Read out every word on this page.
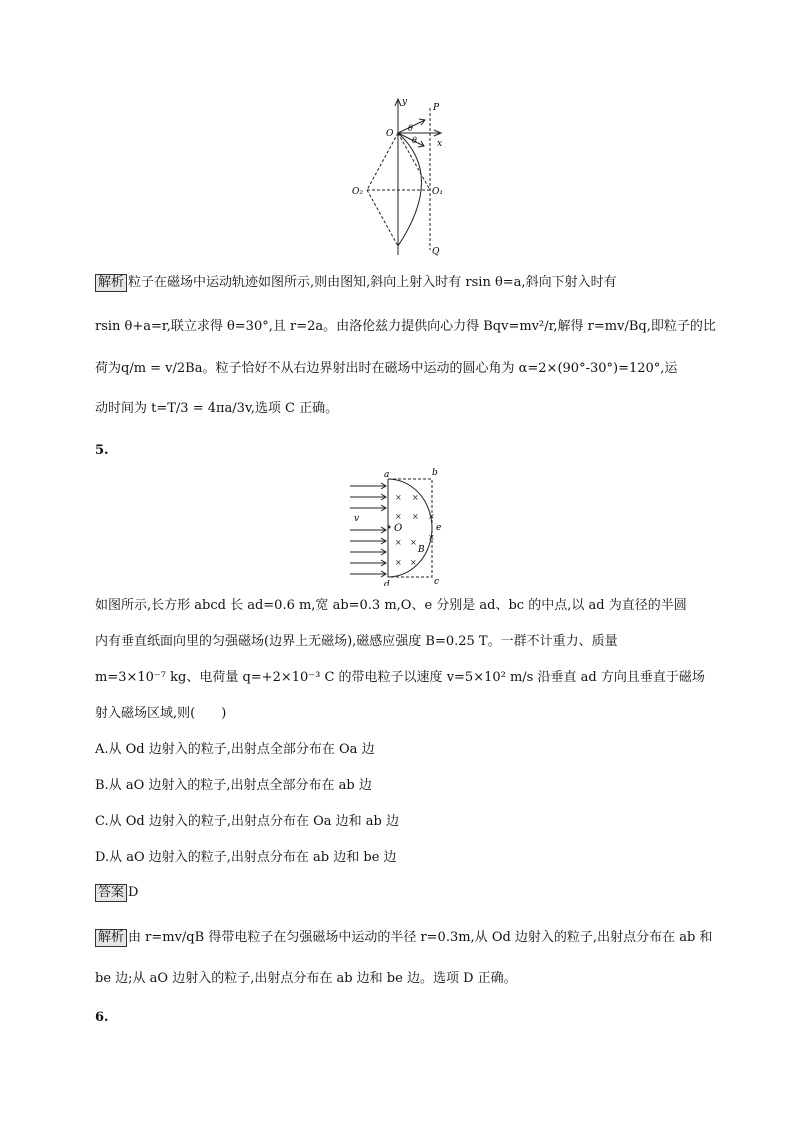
y
P
O
θ
θ x
O₂	O₁
Q
解析 粒子在磁场中运动轨迹如图所示,则由图知,斜向上射入时有 rsin θ=a,斜向下射入时有
rsin θ+a=r,联立求得 θ=30°,且 r=2a。由洛伦兹力提供向心力得 Bqv=mv²/r,解得 r=mv/Bq,即粒子的比
荷为q/m = v/2Ba。粒子恰好不从右边界射出时在磁场中运动的圆心角为 α=2×(90°-30°)=120°,运
动时间为 t=T/3 = 4πa/3v,选项 C 正确。
5.
a	b
v
O	e
B
c
d
× ×
× × ×
× ×
×
× ×
如图所示,长方形 abcd 长 ad=0.6 m,宽 ab=0.3 m,O、e 分别是 ad、bc 的中点,以 ad 为直径的半圆
内有垂直纸面向里的匀强磁场(边界上无磁场),磁感应强度 B=0.25 T。一群不计重力、质量
m=3×10⁻⁷ kg、电荷量 q=+2×10⁻³ C 的带电粒子以速度 v=5×10² m/s 沿垂直 ad 方向且垂直于磁场
射入磁场区域,则(　　)
A.从 Od 边射入的粒子,出射点全部分布在 Oa 边
B.从 aO 边射入的粒子,出射点全部分布在 ab 边
C.从 Od 边射入的粒子,出射点分布在 Oa 边和 ab 边
D.从 aO 边射入的粒子,出射点分布在 ab 边和 be 边
答案 D
解析 由 r=mv/qB 得带电粒子在匀强磁场中运动的半径 r=0.3m,从 Od 边射入的粒子,出射点分布在 ab 和
be 边;从 aO 边射入的粒子,出射点分布在 ab 边和 be 边。选项 D 正确。
6.
